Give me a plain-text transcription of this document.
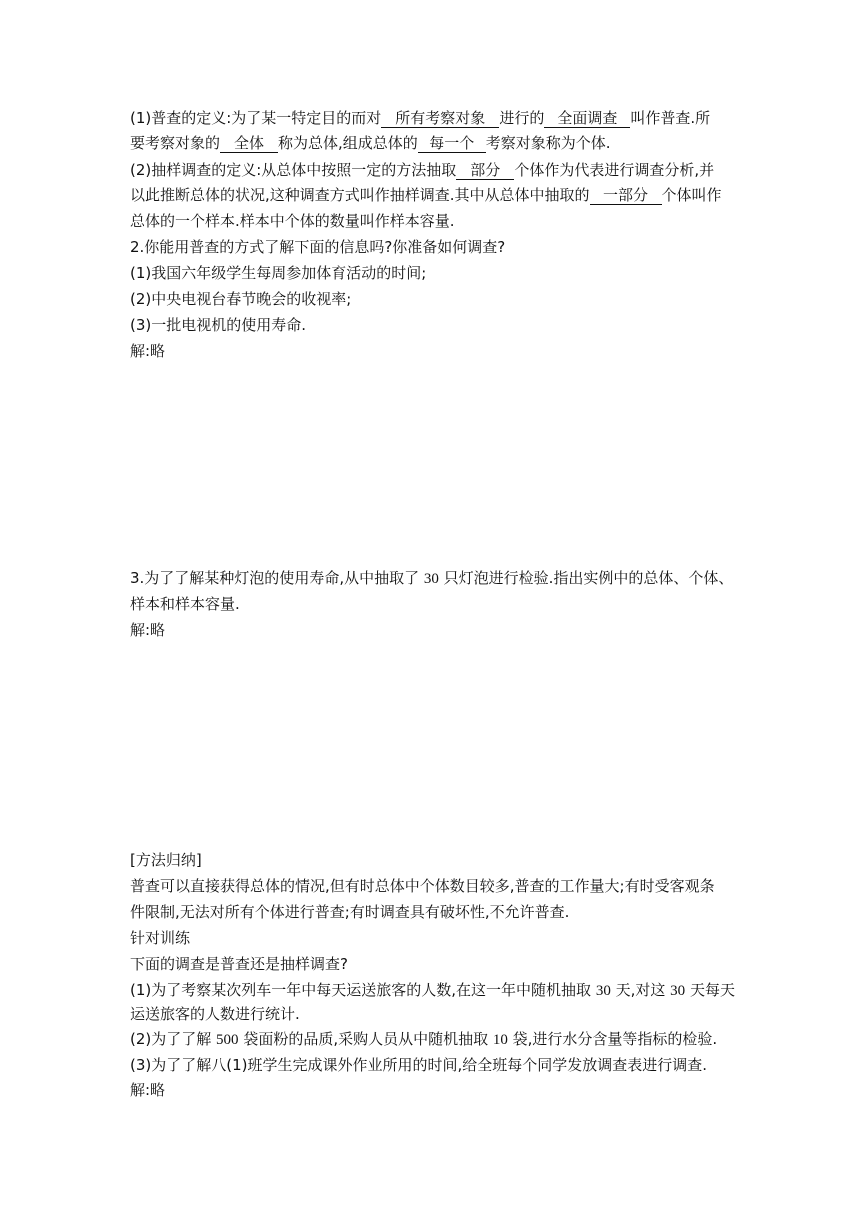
(1)普查的定义:为了某一特定目的而对 所有考察对象 进行的 全面调查 叫作普查.所
要考察对象的 全体 称为总体,组成总体的 每一个 考察对象称为个体.
(2)抽样调查的定义:从总体中按照一定的方法抽取 部分 个体作为代表进行调查分析,并
以此推断总体的状况,这种调查方式叫作抽样调查.其中从总体中抽取的 一部分 个体叫作
总体的一个样本.样本中个体的数量叫作样本容量.
2.你能用普查的方式了解下面的信息吗?你准备如何调查?
(1)我国六年级学生每周参加体育活动的时间;
(2)中央电视台春节晚会的收视率;
(3)一批电视机的使用寿命.
解:略
3.为了了解某种灯泡的使用寿命,从中抽取了 30 只灯泡进行检验.指出实例中的总体、个体、
样本和样本容量.
解:略
[方法归纳]
普查可以直接获得总体的情况,但有时总体中个体数目较多,普查的工作量大;有时受客观条
件限制,无法对所有个体进行普查;有时调查具有破坏性,不允许普查.
针对训练
下面的调查是普查还是抽样调查?
(1)为了考察某次列车一年中每天运送旅客的人数,在这一年中随机抽取 30 天,对这 30 天每天
运送旅客的人数进行统计.
(2)为了了解 500 袋面粉的品质,采购人员从中随机抽取 10 袋,进行水分含量等指标的检验.
(3)为了了解八(1)班学生完成课外作业所用的时间,给全班每个同学发放调查表进行调查.
解:略
